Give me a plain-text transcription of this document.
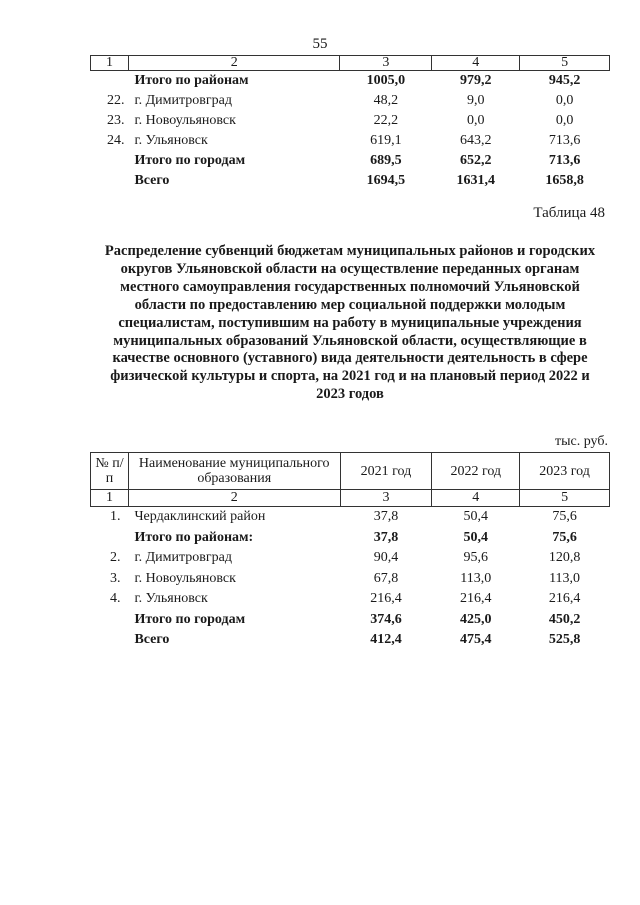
55
1	2	3	4	5
	Итого по районам	1005,0	979,2	945,2
22.	г. Димитровград	48,2	9,0	0,0
23.	г. Новоульяновск	22,2	0,0	0,0
24.	г. Ульяновск	619,1	643,2	713,6
	Итого по городам	689,5	652,2	713,6
	Всего	1694,5	1631,4	1658,8
Таблица 48
Распределение субвенций бюджетам муниципальных районов и городских округов Ульяновской области на осуществление переданных органам местного самоуправления государственных полномочий Ульяновской области по предоставлению мер социальной поддержки молодым специалистам, поступившим на работу в муниципальные учреждения муниципальных образований Ульяновской области, осуществляющие в качестве основного (уставного) вида деятельности деятельность в сфере физической культуры и спорта, на 2021 год и на плановый период 2022 и 2023 годов
тыс. руб.
№ п/п	Наименование муниципального образования	2021 год	2022 год	2023 год
1	2	3	4	5
1.	Чердаклинский район	37,8	50,4	75,6
	Итого по районам:	37,8	50,4	75,6
2.	г. Димитровград	90,4	95,6	120,8
3.	г. Новоульяновск	67,8	113,0	113,0
4.	г. Ульяновск	216,4	216,4	216,4
	Итого по городам	374,6	425,0	450,2
	Всего	412,4	475,4	525,8
